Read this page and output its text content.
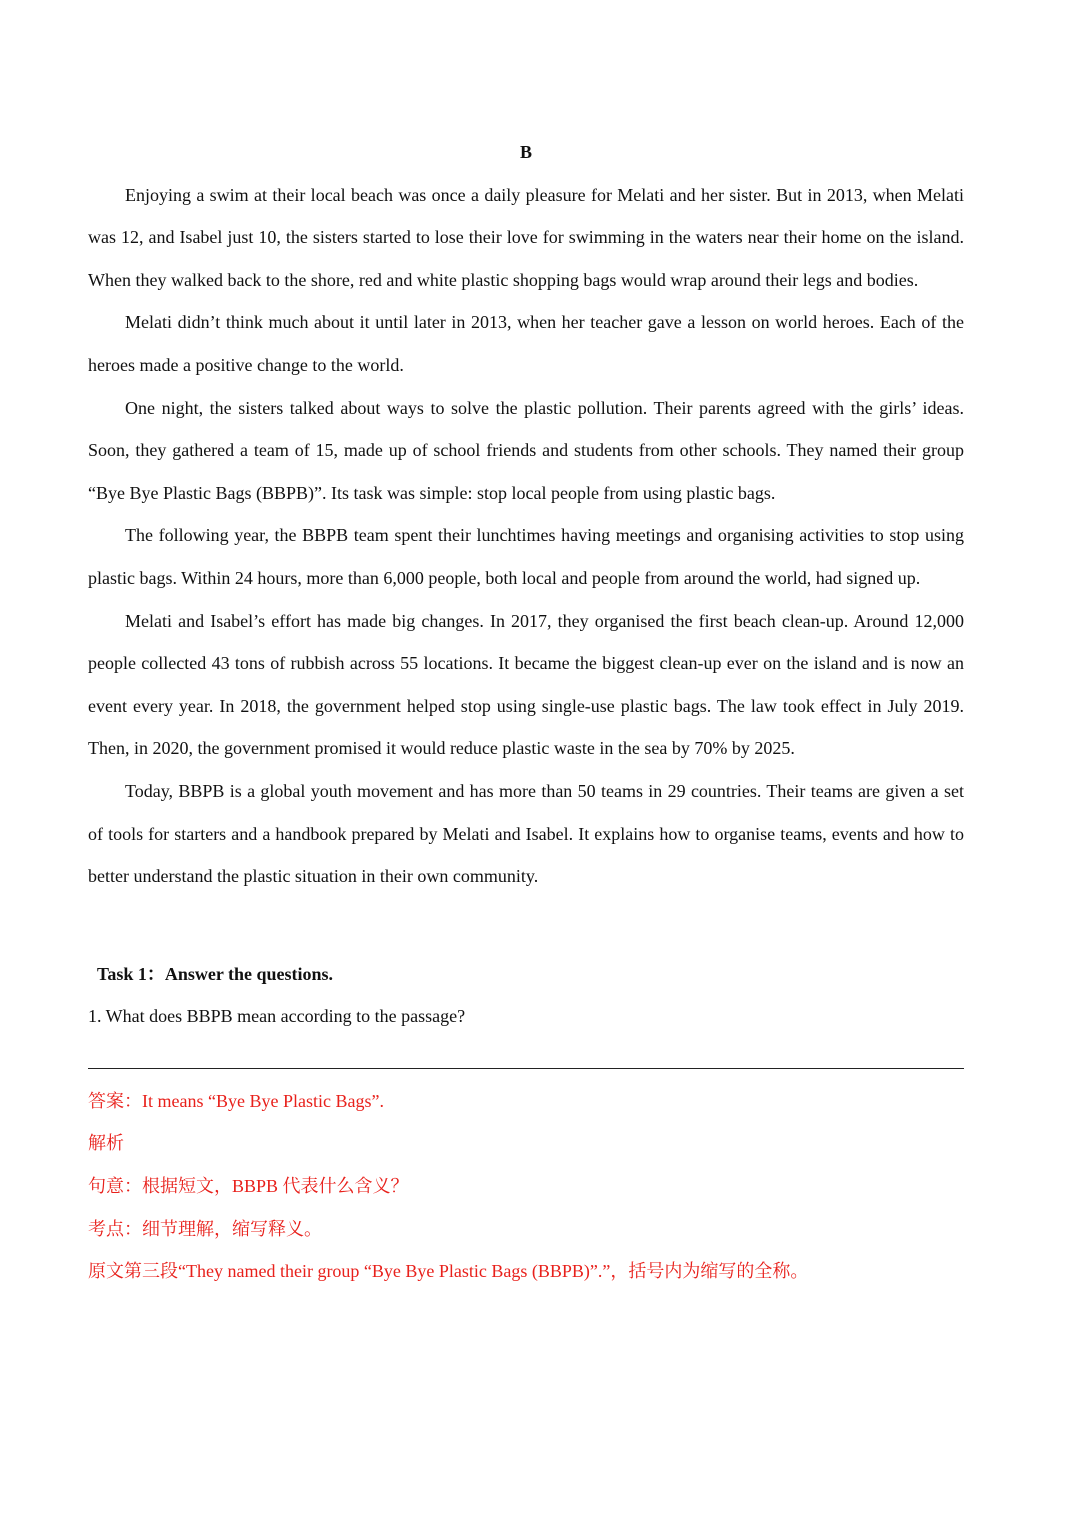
B

Enjoying a swim at their local beach was once a daily pleasure for Melati and her sister. But in 2013, when Melati was 12, and Isabel just 10, the sisters started to lose their love for swimming in the waters near their home on the island. When they walked back to the shore, red and white plastic shopping bags would wrap around their legs and bodies.

Melati didn’t think much about it until later in 2013, when her teacher gave a lesson on world heroes. Each of the heroes made a positive change to the world.

One night, the sisters talked about ways to solve the plastic pollution. Their parents agreed with the girls’ ideas. Soon, they gathered a team of 15, made up of school friends and students from other schools. They named their group “Bye Bye Plastic Bags (BBPB)”. Its task was simple: stop local people from using plastic bags.

The following year, the BBPB team spent their lunchtimes having meetings and organising activities to stop using plastic bags. Within 24 hours, more than 6,000 people, both local and people from around the world, had signed up.

Melati and Isabel’s effort has made big changes. In 2017, they organised the first beach clean-up. Around 12,000 people collected 43 tons of rubbish across 55 locations. It became the biggest clean-up ever on the island and is now an event every year. In 2018, the government helped stop using single-use plastic bags. The law took effect in July 2019. Then, in 2020, the government promised it would reduce plastic waste in the sea by 70% by 2025.

Today, BBPB is a global youth movement and has more than 50 teams in 29 countries. Their teams are given a set of tools for starters and a handbook prepared by Melati and Isabel. It explains how to organise teams, events and how to better understand the plastic situation in their own community.

Task 1：Answer the questions.

1. What does BBPB mean according to the passage?

答案：It means “Bye Bye Plastic Bags”.

解析

句意：根据短文，BBPB 代表什么含义？

考点：细节理解，缩写释义。

原文第三段“They named their group “Bye Bye Plastic Bags (BBPB)”.”，括号内为缩写的全称。
